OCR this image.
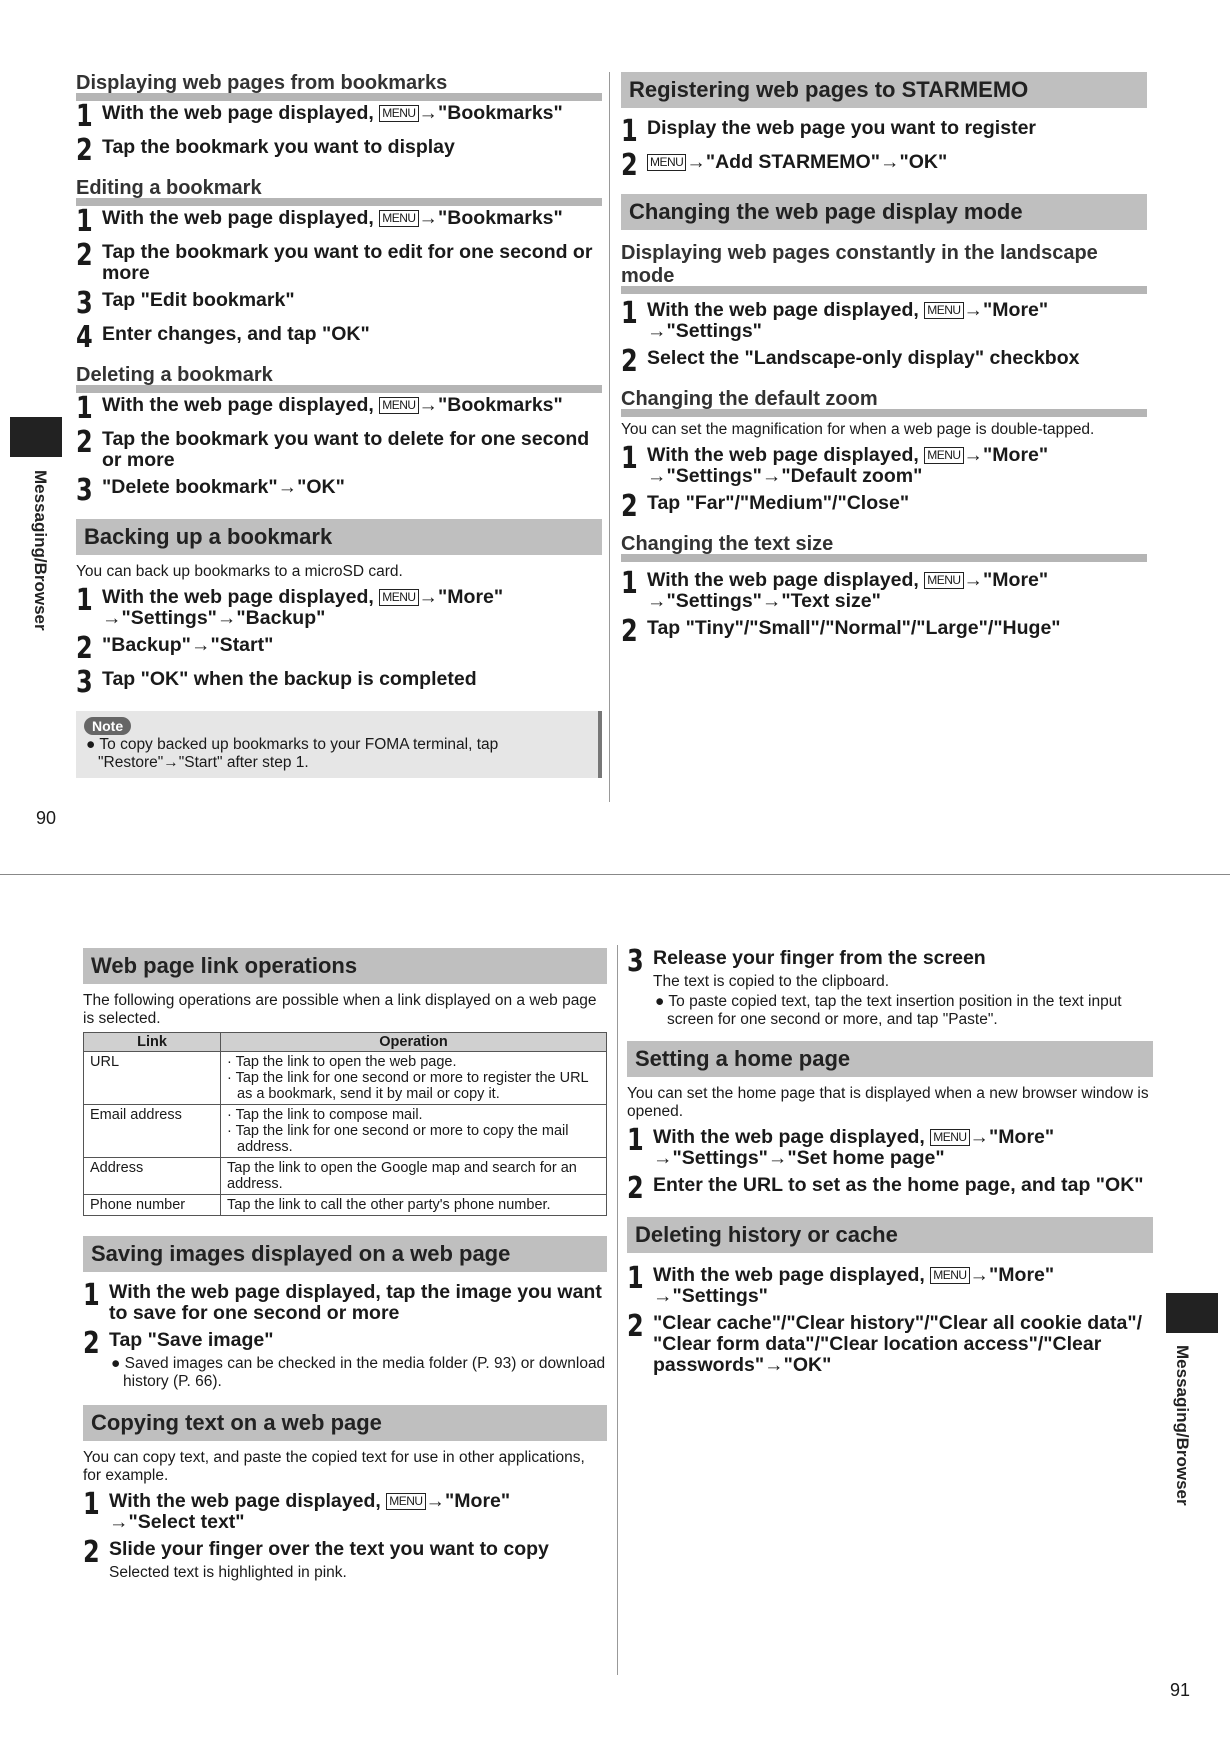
Messaging/Browser
Displaying web pages from bookmarks
1 With the web page displayed, MENU →"Bookmarks"
2 Tap the bookmark you want to display
Editing a bookmark
1 With the web page displayed, MENU →"Bookmarks"
2 Tap the bookmark you want to edit for one second or more
3 Tap "Edit bookmark"
4 Enter changes, and tap "OK"
Deleting a bookmark
1 With the web page displayed, MENU →"Bookmarks"
2 Tap the bookmark you want to delete for one second or more
3 "Delete bookmark"→"OK"
Backing up a bookmark
You can back up bookmarks to a microSD card.
1 With the web page displayed, MENU →"More"
→"Settings"→"Backup"
2 "Backup"→"Start"
3 Tap "OK" when the backup is completed
Note
● To copy backed up bookmarks to your FOMA terminal, tap "Restore"→"Start" after step 1.
Registering web pages to STARMEMO
1 Display the web page you want to register
2	MENU →"Add STARMEMO"→"OK"
Changing the web page display mode
Displaying web pages constantly in the landscape mode
1 With the web page displayed, MENU →"More"
→"Settings"
2 Select the "Landscape-only display" checkbox
Changing the default zoom
You can set the magnification for when a web page is double-tapped.
1 With the web page displayed, MENU →"More"
→"Settings"→"Default zoom"
2 Tap "Far"/"Medium"/"Close"
Changing the text size
1 With the web page displayed, MENU →"More"
→"Settings"→"Text size"
2 Tap "Tiny"/"Small"/"Normal"/"Large"/"Huge"
90
Messaging/Browser
Web page link operations
The following operations are possible when a link displayed on a web page is selected.
Link	Operation
URL	· Tap the link to open the web page.
· Tap the link for one second or more to register the URL as a bookmark, send it by mail or copy it.

Email address	· Tap the link to compose mail.
· Tap the link for one second or more to copy the mail address.

Address	Tap the link to open the Google map and search for an address.

Phone number	Tap the link to call the other party's phone number.
Saving images displayed on a web page
1 With the web page displayed, tap the image you want to save for one second or more
2 Tap "Save image"
● Saved images can be checked in the media folder (P. 93) or download history (P. 66).
Copying text on a web page
You can copy text, and paste the copied text for use in other applications, for example.
1 With the web page displayed, MENU →"More"
→"Select text"
2 Slide your finger over the text you want to copy
Selected text is highlighted in pink.
3 Release your finger from the screen
The text is copied to the clipboard.
● To paste copied text, tap the text insertion position in the text input screen for one second or more, and tap "Paste".
Setting a home page
You can set the home page that is displayed when a new browser window is opened.
1 With the web page displayed, MENU →"More"
→"Settings"→"Set home page"
2 Enter the URL to set as the home page, and tap "OK"
Deleting history or cache
1 With the web page displayed, MENU →"More"
→"Settings"
2 "Clear cache"/"Clear history"/"Clear all cookie data"/ "Clear form data"/"Clear location access"/"Clear passwords"→"OK"
91
